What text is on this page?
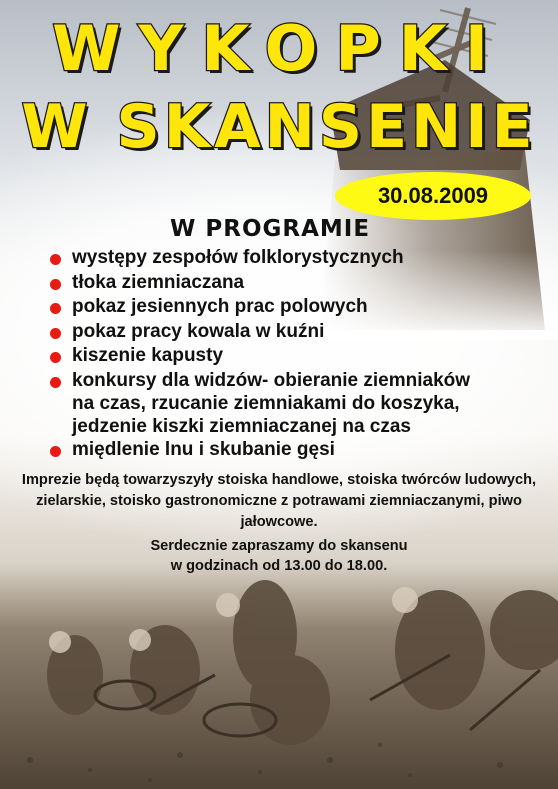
WYKOPKI
W SKANSENIE
30.08.2009
W PROGRAMIE
występy zespołów folklorystycznych
tłoka ziemniaczana
pokaz jesiennych prac polowych
pokaz pracy kowala w kuźni
kiszenie kapusty
konkursy dla widzów- obieranie ziemniaków
na czas, rzucanie ziemniakami do koszyka,
jedzenie kiszki ziemniaczanej na czas
międlenie lnu i skubanie gęsi

Imprezie będą towarzyszyły stoiska handlowe, stoiska twórców ludowych, zielarskie, stoisko gastronomiczne z potrawami ziemniaczanymi, piwo jałowcowe.

Serdecznie zapraszamy do skansenu
w godzinach od 13.00 do 18.00.
